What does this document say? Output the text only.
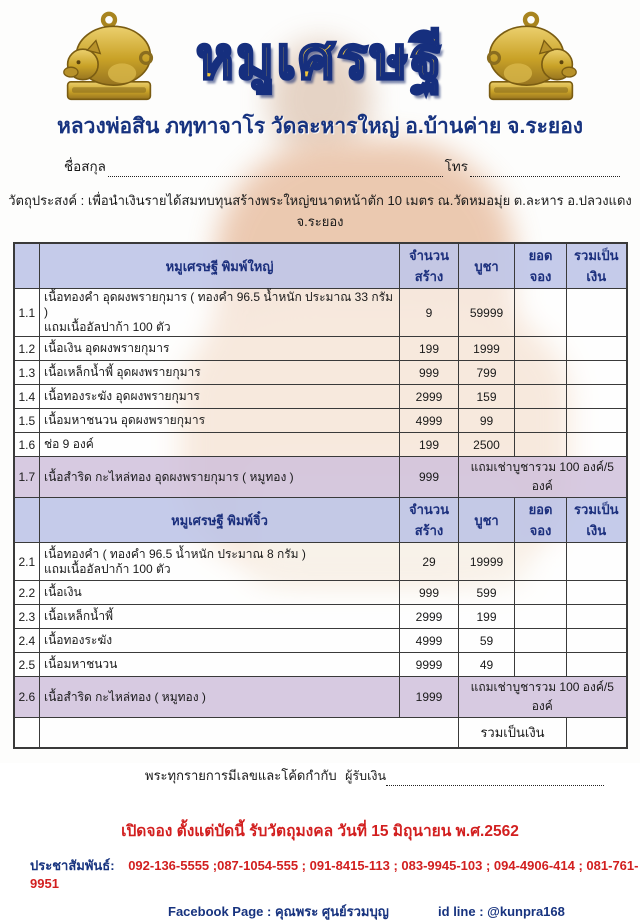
หมูเศรษฐี
หลวงพ่อสิน ภทฺทาจาโร วัดละหารใหญ่ อ.บ้านค่าย จ.ระยอง
ชื่อสกุล	โทร
วัตถุประสงค์ : เพื่อนำเงินรายได้สมทบทุนสร้างพระใหญ่ขนาดหน้าตัก 10 เมตร ณ.วัดหมอมุ่ย ต.ละหาร อ.ปลวงแดง จ.ระยอง
	หมูเศรษฐี พิมพ์ใหญ่	จำนวนสร้าง	บูชา	ยอดจอง	รวมเป็นเงิน
1.1	เนื้อทองคำ อุดผงพรายกุมาร ( ทองคำ 96.5 น้ำหนัก ประมาณ 33 กรัม )
แถมเนื้ออัลปาก้า 100 ตัว	9	59999		
1.2	เนื้อเงิน อุดผงพรายกุมาร	199	1999		
1.3	เนื้อเหล็กน้ำพี้ อุดผงพรายกุมาร	999	799		
1.4	เนื้อทองระฆัง อุดผงพรายกุมาร	2999	159		
1.5	เนื้อมหาชนวน อุดผงพรายกุมาร	4999	99		
1.6	ช่อ 9 องค์	199	2500		
1.7	เนื้อสำริด กะไหล่ทอง อุดผงพรายกุมาร ( หมูทอง )	999	แถมเช่าบูชารวม 100 องค์/5 องค์		
	หมูเศรษฐี พิมพ์จิ๋ว	จำนวนสร้าง	บูชา	ยอดจอง	รวมเป็นเงิน
2.1	เนื้อทองคำ ( ทองคำ 96.5 น้ำหนัก ประมาณ 8 กรัม )
แถมเนื้ออัลปาก้า 100 ตัว	29	19999		
2.2	เนื้อเงิน	999	599		
2.3	เนื้อเหล็กน้ำพี้	2999	199		
2.4	เนื้อทองระฆัง	4999	59		
2.5	เนื้อมหาชนวน	9999	49		
2.6	เนื้อสำริด กะไหล่ทอง ( หมูทอง )	1999	แถมเช่าบูชารวม 100 องค์/5 องค์		
			รวมเป็นเงิน		
พระทุกรายการมีเลขและโค้ดกำกับ ผู้รับเงิน
เปิดจอง ตั้งแต่บัดนี้ รับวัตถุมงคล วันที่ 15 มิถุนายน พ.ศ.2562
ประชาสัมพันธ์: 092-136-5555 ;087-1054-555 ; 091-8415-113 ; 083-9945-103 ; 094-4906-414 ; 081-761-9951
Facebook Page : คุณพระ ศูนย์รวมบุญ	id line : @kunpra168
